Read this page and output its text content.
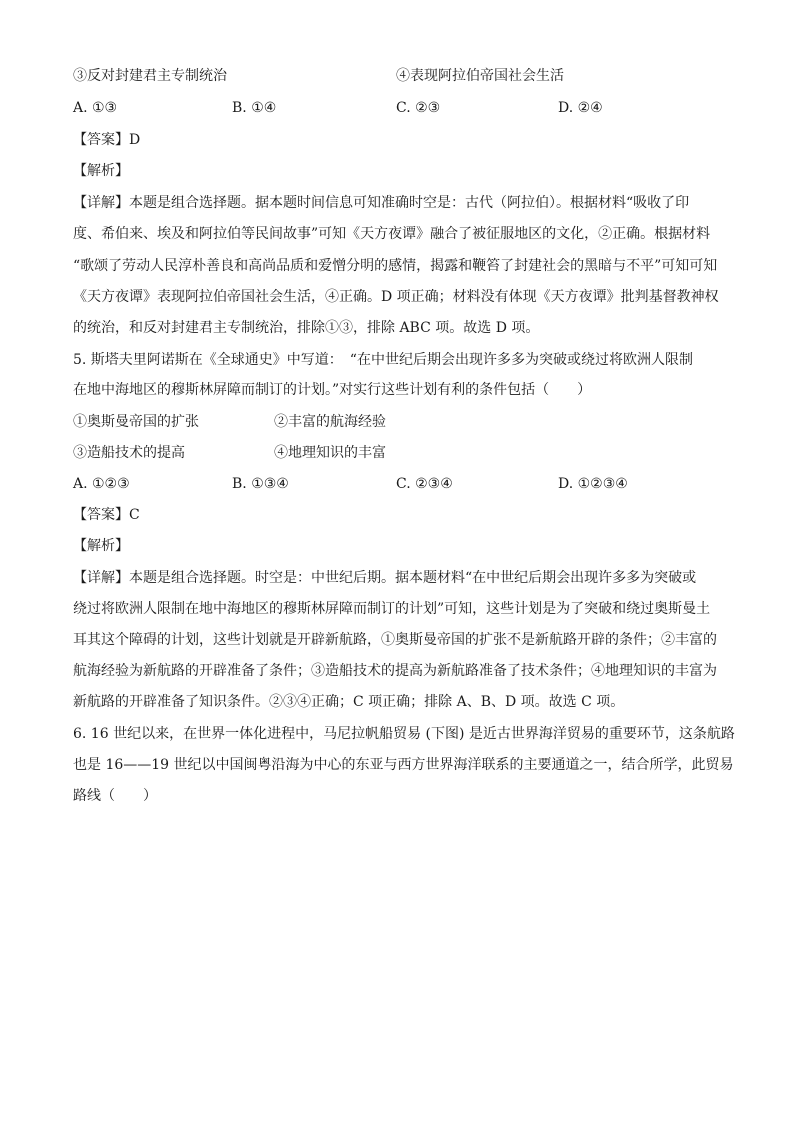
③反对封建君主专制统治	④表现阿拉伯帝国社会生活
A. ①③	B. ①④	C. ②③	D. ②④
【答案】D
【解析】
【详解】本题是组合选择题。据本题时间信息可知准确时空是：古代（阿拉伯）。根据材料“吸收了印
度、希伯来、埃及和阿拉伯等民间故事”可知《天方夜谭》融合了被征服地区的文化，②正确。根据材料
“歌颂了劳动人民淳朴善良和高尚品质和爱憎分明的感情，揭露和鞭笞了封建社会的黑暗与不平”可知可知
《天方夜谭》表现阿拉伯帝国社会生活，④正确。D 项正确；材料没有体现《天方夜谭》批判基督教神权
的统治，和反对封建君主专制统治，排除①③，排除 ABC 项。故选 D 项。
5. 斯塔夫里阿诺斯在《全球通史》中写道：　“在中世纪后期会出现许多多为突破或绕过将欧洲人限制
在地中海地区的穆斯林屏障而制订的计划。”对实行这些计划有利的条件包括（　　）
①奥斯曼帝国的扩张	②丰富的航海经验
③造船技术的提高	④地理知识的丰富
A. ①②③	B. ①③④	C. ②③④	D. ①②③④
【答案】C
【解析】
【详解】本题是组合选择题。时空是：中世纪后期。据本题材料“在中世纪后期会出现许多多为突破或
绕过将欧洲人限制在地中海地区的穆斯林屏障而制订的计划”可知，这些计划是为了突破和绕过奥斯曼土
耳其这个障碍的计划，这些计划就是开辟新航路，①奥斯曼帝国的扩张不是新航路开辟的条件；②丰富的
航海经验为新航路的开辟准备了条件；③造船技术的提高为新航路准备了技术条件；④地理知识的丰富为
新航路的开辟准备了知识条件。②③④正确；C 项正确；排除 A、B、D 项。故选 C 项。
6. 16 世纪以来，在世界一体化进程中，马尼拉帆船贸易 (下图) 是近古世界海洋贸易的重要环节，这条航路
也是 16——19 世纪以中国闽粤沿海为中心的东亚与西方世界海洋联系的主要通道之一，结合所学，此贸易
路线（　　）
